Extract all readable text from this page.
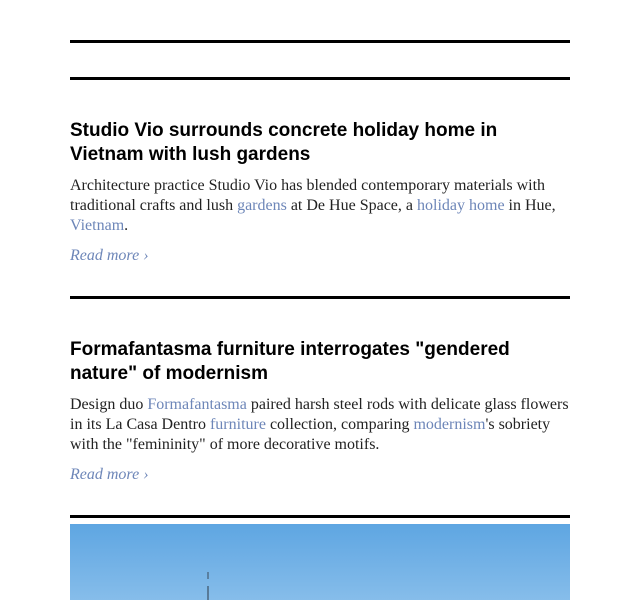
Studio Vio surrounds concrete holiday home in Vietnam with lush gardens

Architecture practice Studio Vio has blended contemporary materials with traditional crafts and lush gardens at De Hue Space, a holiday home in Hue, Vietnam.

Read more ›
Formafantasma furniture interrogates "gendered nature" of modernism

Design duo Formafantasma paired harsh steel rods with delicate glass flowers in its La Casa Dentro furniture collection, comparing modernism's sobriety with the "femininity" of more decorative motifs.

Read more ›
